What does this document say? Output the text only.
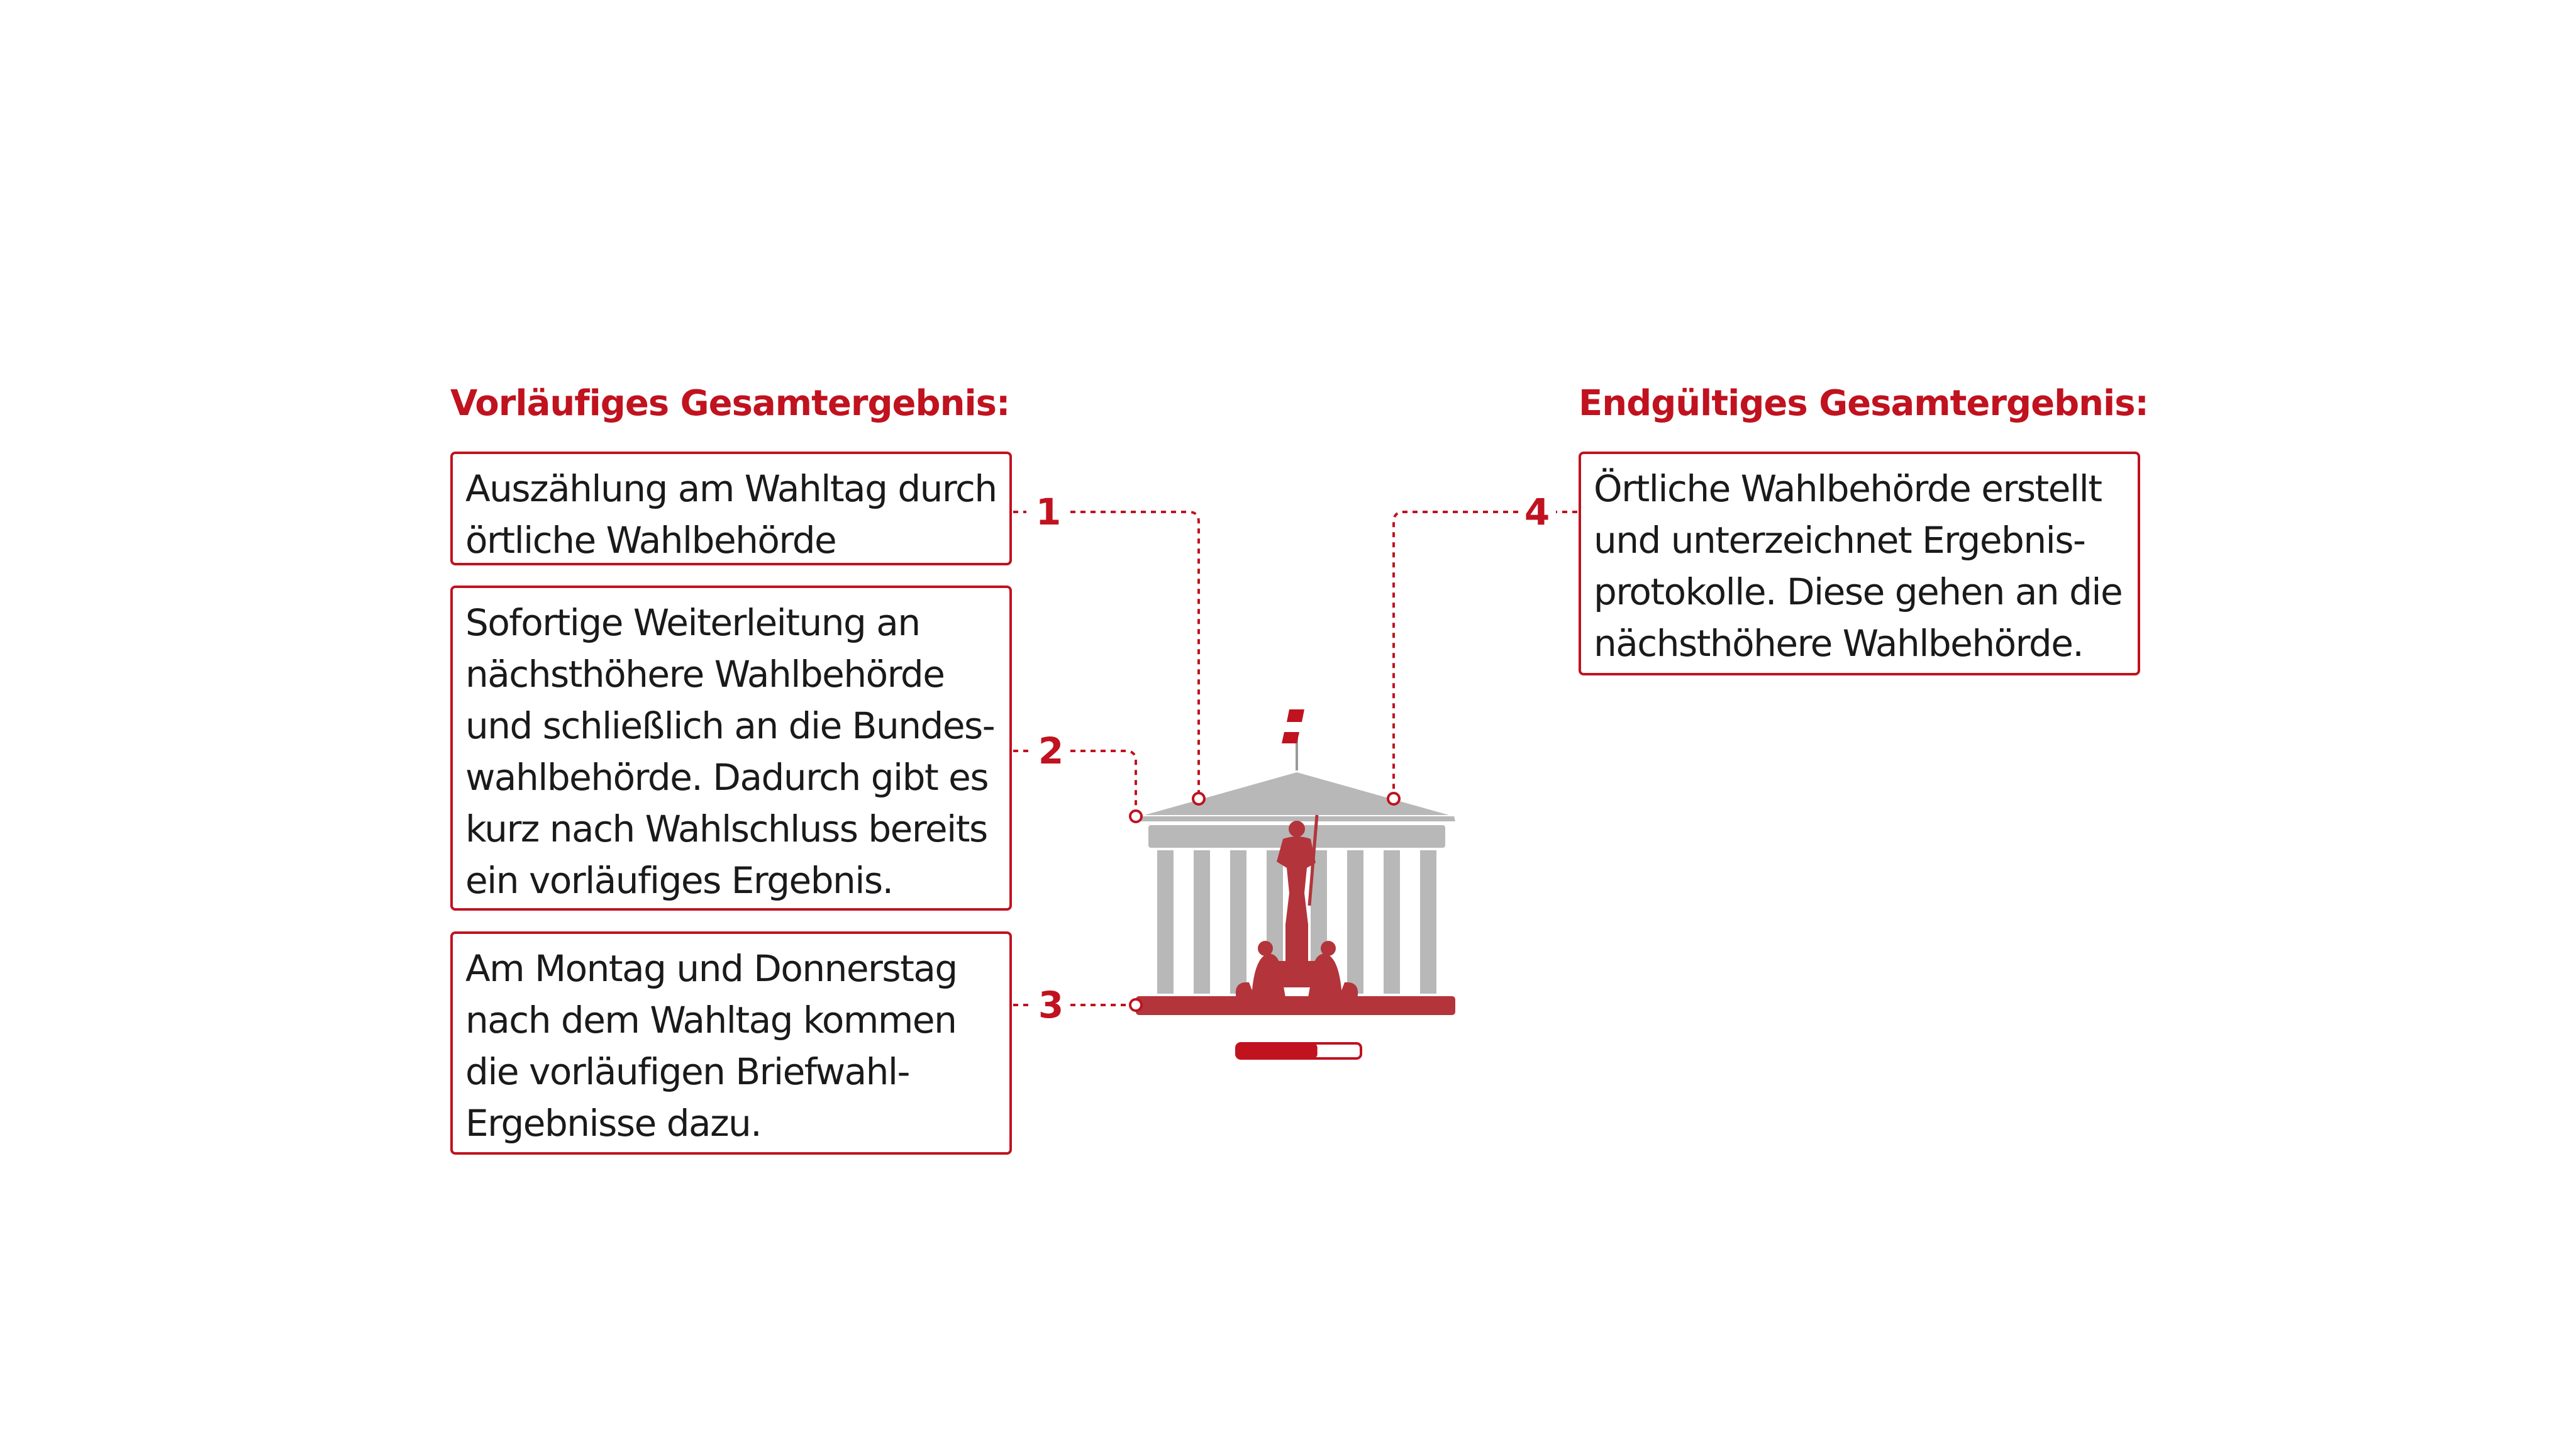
Vorläufiges Gesamtergebnis:	Endgültiges Gesamtergebnis:
Auszählung am Wahltag durch
örtliche Wahlbehörde
Sofortige Weiterleitung an
nächsthöhere Wahlbehörde
und schließlich an die Bundes-
wahlbehörde. Dadurch gibt es
kurz nach Wahlschluss bereits
ein vorläufiges Ergebnis.
Am Montag und Donnerstag
nach dem Wahltag kommen
die vorläufigen Briefwahl-
Ergebnisse dazu.
Örtliche Wahlbehörde erstellt
und unterzeichnet Ergebnis-
protokolle. Diese gehen an die
nächsthöhere Wahlbehörde.
1
2
3
4
